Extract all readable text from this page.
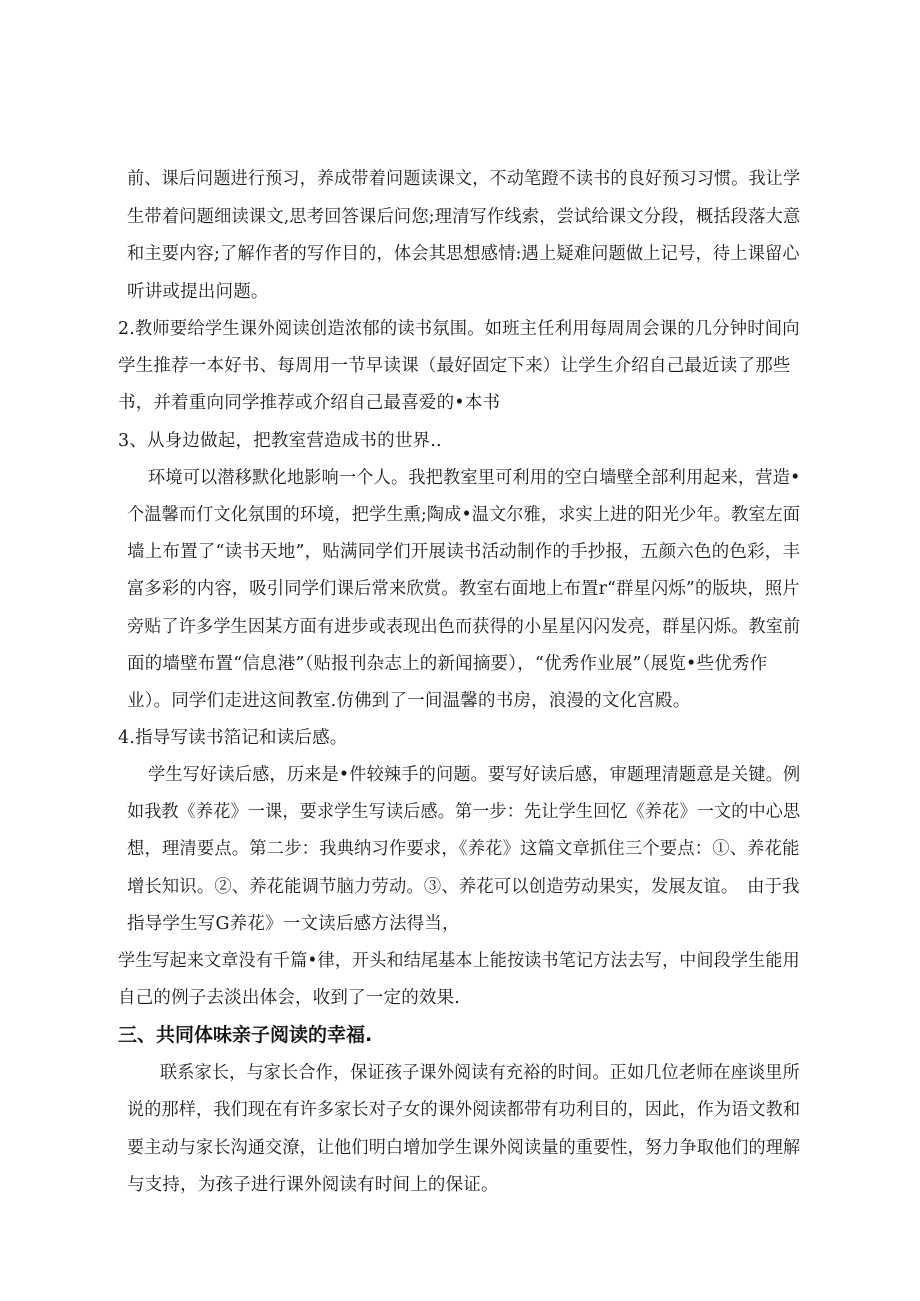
前、课后问题进行预习，养成带着问题读课文，不动笔蹬不读书的良好预习习惯。我让学
生带着问题细读课文,思考回答课后问您;理清写作线索，尝试给课文分段，概括段落大意
和主要内容;了解作者的写作目的，体会其思想感情:遇上疑难问题做上记号，待上课留心
听讲或提出问题。
2.教师要给学生课外阅读创造浓郁的读书氛围。如班主任利用每周周会课的几分钟时间向
学生推荐一本好书、每周用一节早读课（最好固定下来）让学生介绍自己最近读了那些
书，并着重向同学推荐或介绍自己最喜爱的•本书
3、从身边做起，把教室营造成书的世界..
环境可以潜移默化地影响一个人。我把教室里可利用的空白墙壁全部利用起来，营造•
个温馨而仃文化氛围的环境，把学生熏;陶成•温文尔雅，求实上进的阳光少年。教室左面
墙上布置了“读书天地”，贴满同学们开展读书活动制作的手抄报，五颜六色的色彩，丰
富多彩的内容，吸引同学们课后常来欣赏。教室右面地上布置r“群星闪烁”的版块，照片
旁贴了许多学生因某方面有进步或表现出色而获得的小星星闪闪发亮，群星闪烁。教室前
面的墙壁布置“信息港”（贴报刊杂志上的新闻摘要），“优秀作业展”（展览•些优秀作
业）。同学们走进这间教室.仿佛到了一间温馨的书房，浪漫的文化宫殿。
4.指导写读书箔记和读后感。
学生写好读后感，历来是•件较辣手的问题。要写好读后感，审题理清题意是关键。例
如我教《养花》一课，要求学生写读后感。第一步：先让学生回忆《养花》一文的中心思
想，理清要点。第二步：我典纳习作要求，《养花》这篇文章抓住三个要点：①、养花能
增长知识。②、养花能调节脑力劳动。③、养花可以创造劳动果实，发展友谊。　由于我
指导学生写G养花》一文读后感方法得当，
学生写起来文章没有千篇•律，开头和结尾基本上能按读书笔记方法去写，中间段学生能用
自己的例子去淡出体会，收到了一定的效果.
三、共同体味亲子阅读的幸福.
联系家长，与家长合作，保证孩子课外阅读有充裕的时间。正如几位老师在座谈里所
说的那样，我们现在有许多家长对子女的课外阅读都带有功利目的，因此，作为语文教和
要主动与家长沟通交潦，让他们明白增加学生课外阅读量的重要性，努力争取他们的理解
与支持，为孩子进行课外阅读有时间上的保证。
